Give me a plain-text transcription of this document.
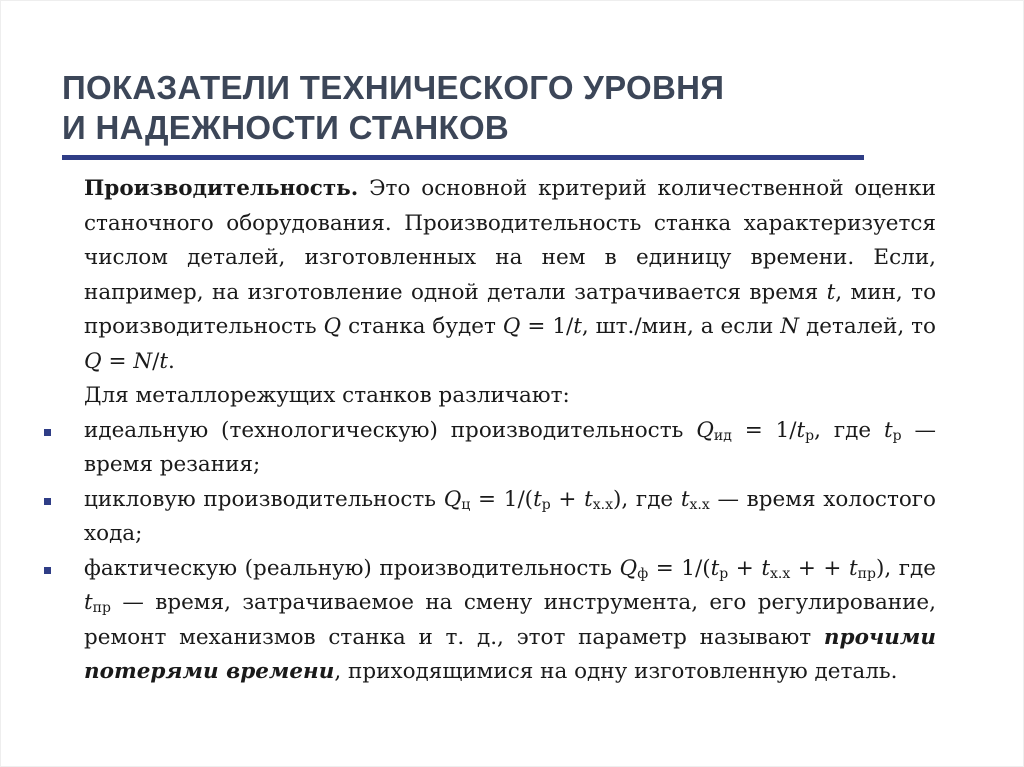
ПОКАЗАТЕЛИ ТЕХНИЧЕСКОГО УРОВНЯ
И НАДЕЖНОСТИ СТАНКОВ

Производительность. Это основной критерий количественной оценки станочного оборудования. Производительность станка характеризуется числом деталей, изготовленных на нем в единицу времени. Если, например, на изготовление одной детали затрачивается время t, мин, то производительность Q станка будет Q = 1/t, шт./мин, а если N деталей, то Q = N/t.

Для металлорежущих станков различают:

идеальную (технологическую) производительность $Q_{ид} = 1/t_р$, где $t_р$ — время резания;
цикловую производительность $Q_ц = 1/(t_р + t_{х.х})$, где $t_{х.х}$ — время холостого хода;
фактическую (реальную) производительность $Q_ф = 1/(t_р + t_{х.х}$ + + $t_{пр}$), где $t_{пр}$ — время, затрачиваемое на смену инструмента, его регулирование, ремонт механизмов станка и т. д., этот параметр называют прочими потерями времени, приходящимися на одну изготовленную деталь.
